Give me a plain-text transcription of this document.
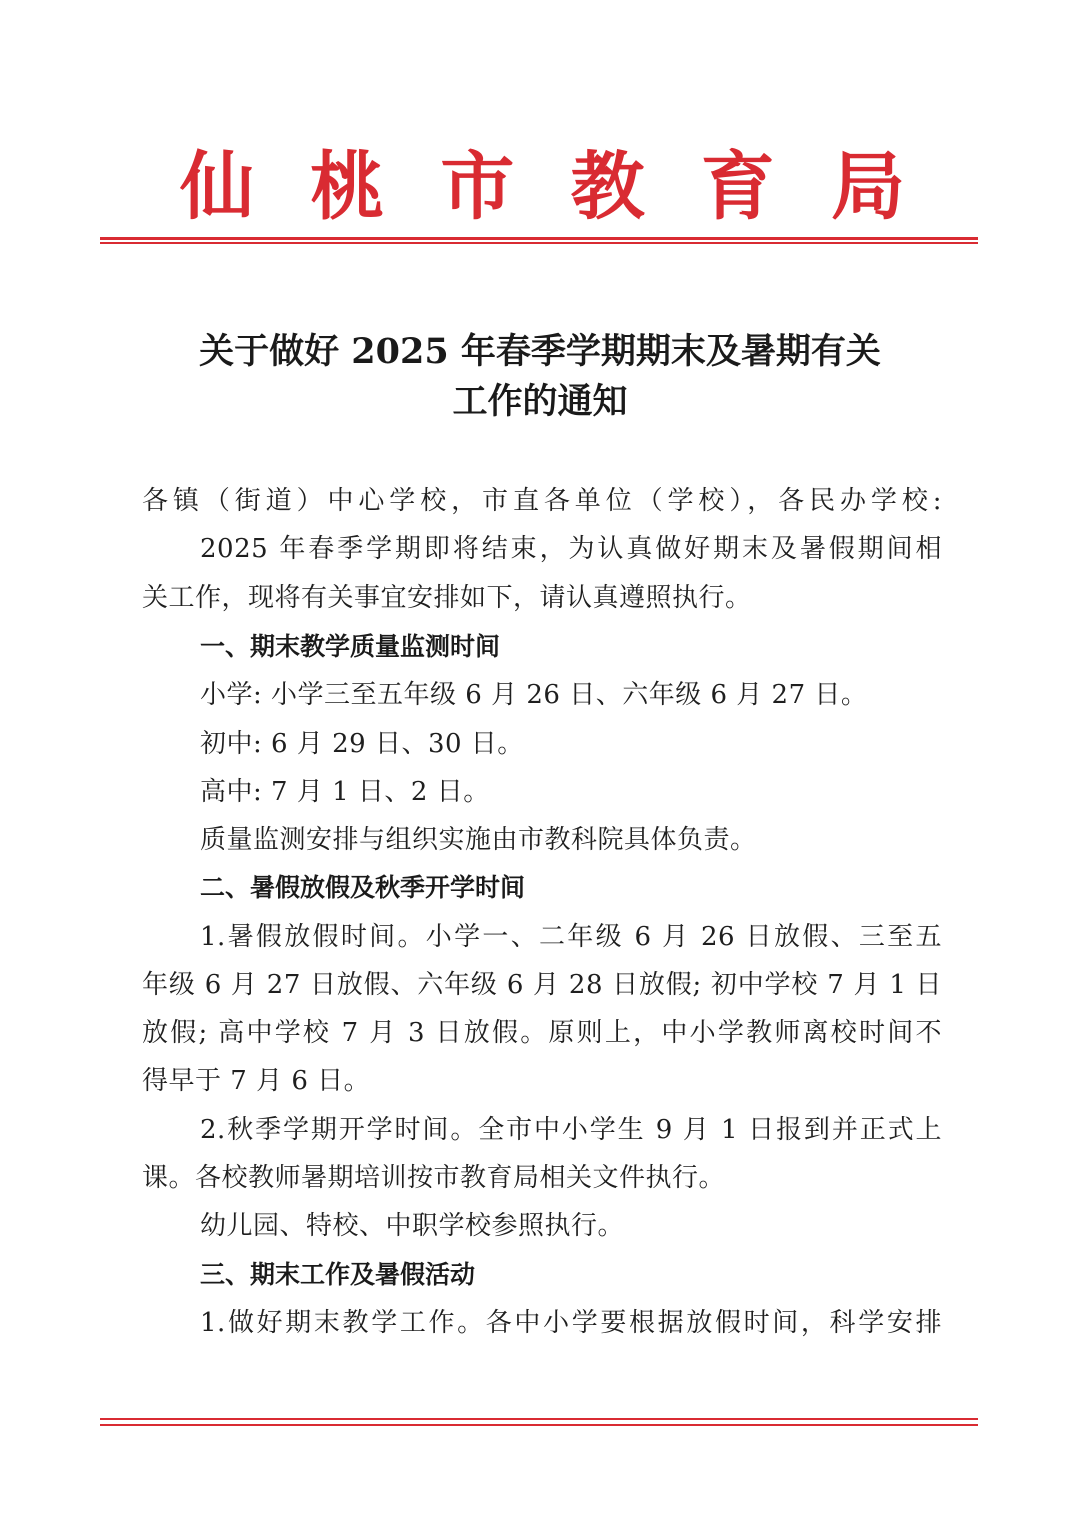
仙 桃 市 教 育 局
关于做好 2025 年春季学期期末及暑期有关
工作的通知
各镇（街道）中心学校，市直各单位（学校），各民办学校:
2025 年春季学期即将结束，为认真做好期末及暑假期间相
关工作，现将有关事宜安排如下，请认真遵照执行。
一、期末教学质量监测时间
小学: 小学三至五年级 6 月 26 日、六年级 6 月 27 日。
初中: 6 月 29 日、30 日。
高中: 7 月 1 日、2 日。
质量监测安排与组织实施由市教科院具体负责。
二、暑假放假及秋季开学时间
1.暑假放假时间。小学一、二年级 6 月 26 日放假、三至五
年级 6 月 27 日放假、六年级 6 月 28 日放假; 初中学校 7 月 1 日
放假; 高中学校 7 月 3 日放假。原则上，中小学教师离校时间不
得早于 7 月 6 日。
2.秋季学期开学时间。全市中小学生 9 月 1 日报到并正式上
课。各校教师暑期培训按市教育局相关文件执行。
幼儿园、特校、中职学校参照执行。
三、期末工作及暑假活动
1.做好期末教学工作。各中小学要根据放假时间，科学安排
